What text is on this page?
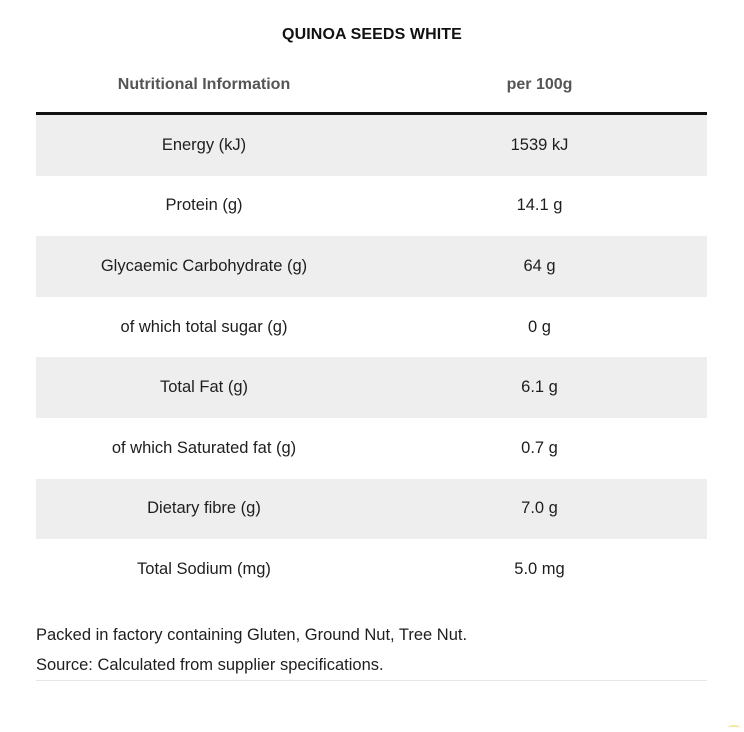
QUINOA SEEDS WHITE
Nutritional Information	per 100g
Energy (kJ)	1539 kJ
Protein (g)	14.1 g
Glycaemic Carbohydrate (g)	64 g
of which total sugar (g)	0 g
Total Fat (g)	6.1 g
of which Saturated fat (g)	0.7 g
Dietary fibre (g)	7.0 g
Total Sodium (mg)	5.0 mg
Packed in factory containing Gluten, Ground Nut, Tree Nut.
Source: Calculated from supplier specifications.
